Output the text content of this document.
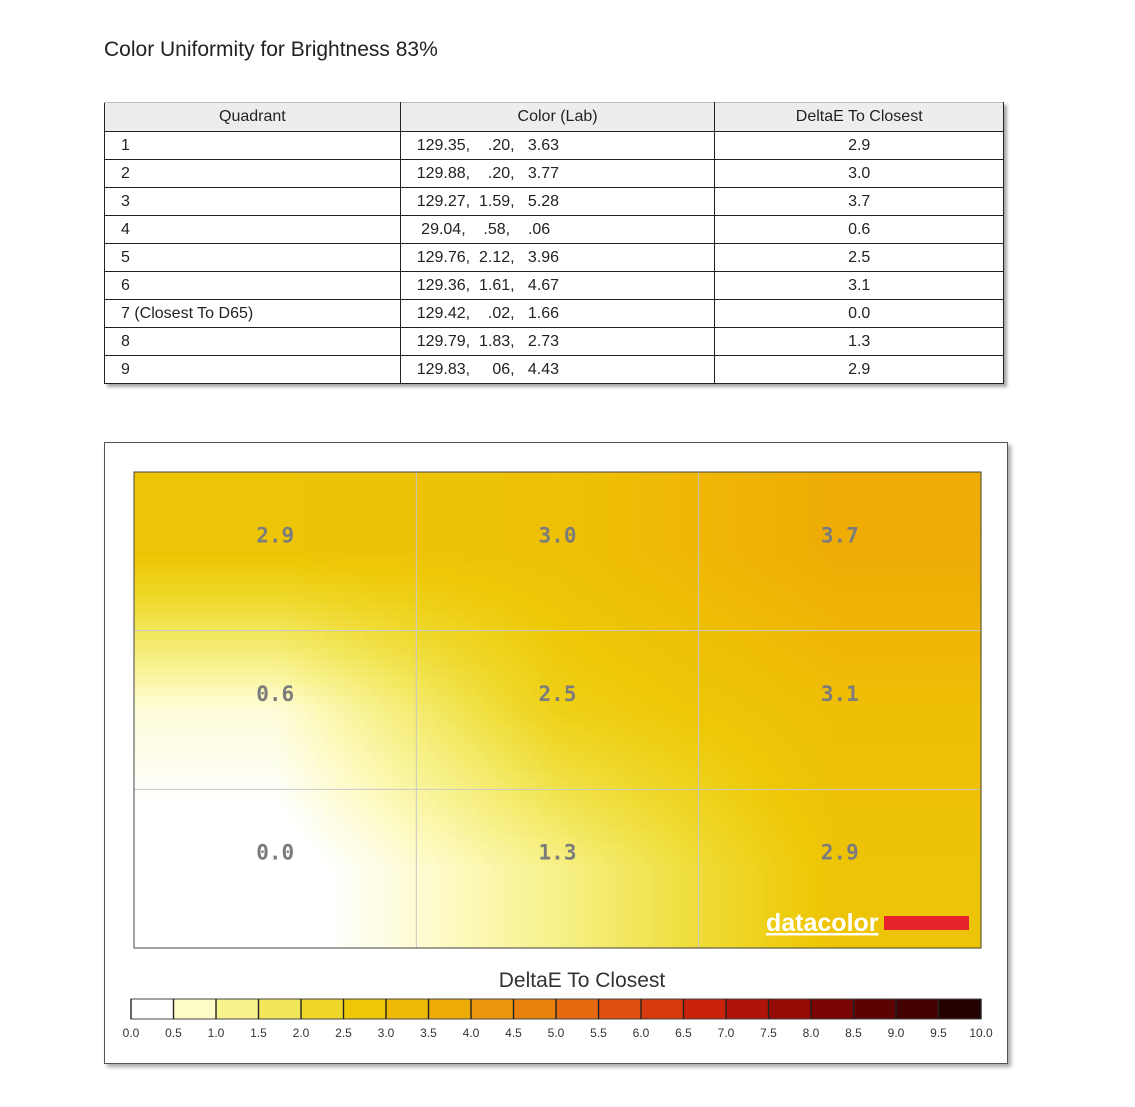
Color Uniformity for Brightness 83%
Quadrant	Color (Lab)	DeltaE To Closest
1	129.35,    .20,   3.63	2.9
2	129.88,    .20,   3.77	3.0
3	129.27,  1.59,   5.28	3.7
4	29.04,    .58,    .06	0.6
5	129.76,  2.12,   3.96	2.5
6	129.36,  1.61,   4.67	3.1
7 (Closest To D65)	129.42,    .02,   1.66	0.0
8	129.79,  1.83,   2.73	1.3
9	129.83,     06,   4.43	2.9
2.9	3.0	3.7
0.6	2.5	3.1
0.0	1.3	2.9
datacolor
DeltaE To Closest
0.0 0.5 1.0 1.5 2.0 2.5 3.0 3.5 4.0 4.5 5.0 5.5 6.0 6.5 7.0 7.5 8.0 8.5 9.0 9.5 10.0
